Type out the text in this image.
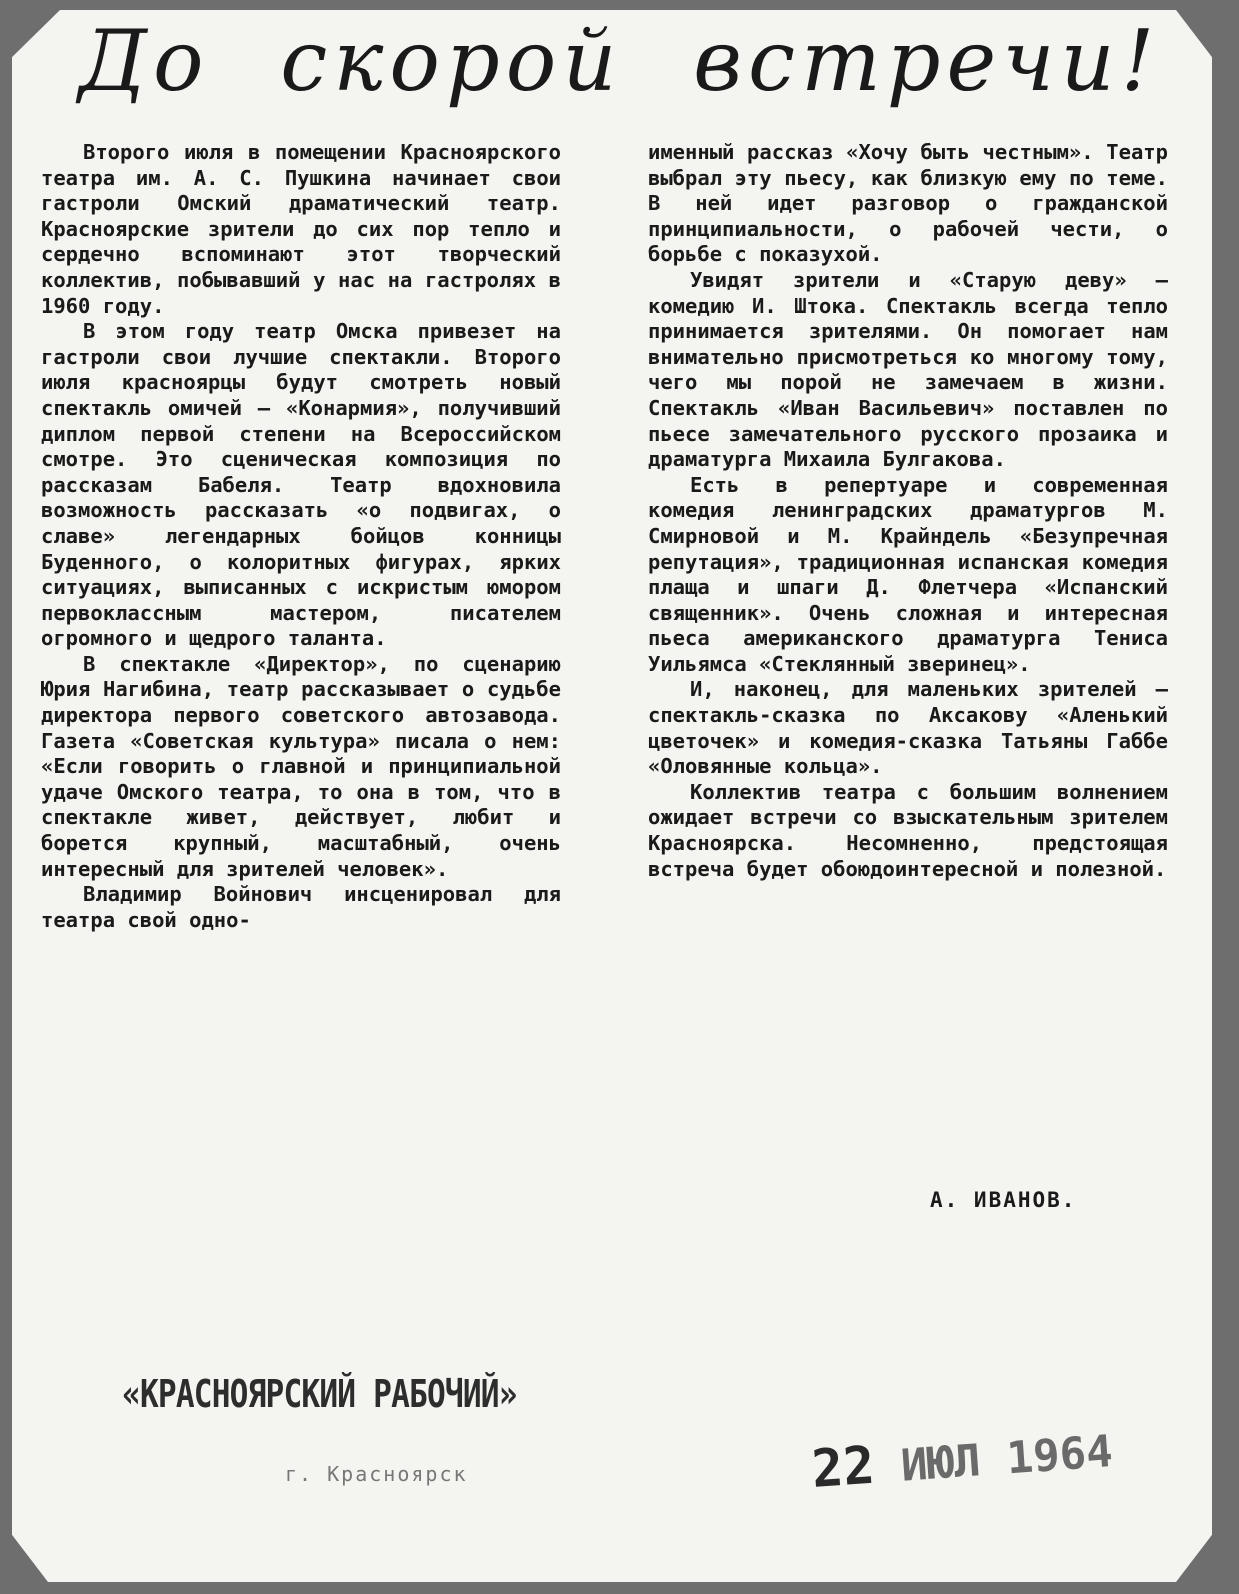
До скорой встречи!

Второго июля в помещении Красноярского театра им. А. С. Пушкина начинает свои гастроли Омский драматический театр. Красноярские зрители до сих пор тепло и сердечно вспоминают этот творческий коллектив, побывавший у нас на гастролях в 1960 году.

В этом году театр Омска привезет на гастроли свои лучшие спектакли. Второго июля красноярцы будут смотреть новый спектакль омичей — «Конармия», получивший диплом первой степени на Всероссийском смотре. Это сценическая композиция по рассказам Бабеля. Театр вдохновила возможность рассказать «о подвигах, о славе» легендарных бойцов конницы Буденного, о колоритных фигурах, ярких ситуациях, выписанных с искристым юмором первоклассным мастером, писателем огромного и щедрого таланта.

В спектакле «Директор», по сценарию Юрия Нагибина, театр рассказывает о судьбе директора первого советского автозавода. Газета «Советская культура» писала о нем: «Если говорить о главной и принципиальной удаче Омского театра, то она в том, что в спектакле живет, действует, любит и борется крупный, масштабный, очень интересный для зрителей человек».

Владимир Войнович инсценировал для театра свой одно-

именный рассказ «Хочу быть честным». Театр выбрал эту пьесу, как близкую ему по теме. В ней идет разговор о гражданской принципиальности, о рабочей чести, о борьбе с показухой.

Увидят зрители и «Старую деву» — комедию И. Штока. Спектакль всегда тепло принимается зрителями. Он помогает нам внимательно присмотреться ко многому тому, чего мы порой не замечаем в жизни. Спектакль «Иван Васильевич» поставлен по пьесе замечательного русского прозаика и драматурга Михаила Булгакова.

Есть в репертуаре и современная комедия ленинградских драматургов М. Смирновой и М. Крайндель «Безупречная репутация», традиционная испанская комедия плаща и шпаги Д. Флетчера «Испанский священник». Очень сложная и интересная пьеса американского драматурга Тениса Уильямса «Стеклянный зверинец».

И, наконец, для маленьких зрителей — спектакль-сказка по Аксакову «Аленький цветочек» и комедия-сказка Татьяны Габбе «Оловянные кольца».

Коллектив театра с большим волнением ожидает встречи со взыскательным зрителем Красноярска. Несомненно, предстоящая встреча будет обоюдоинтересной и полезной.

А. ИВАНОВ.
«КРАСНОЯРСКИЙ РАБОЧИЙ»
г. Красноярск	22 ИЮЛ 1964
